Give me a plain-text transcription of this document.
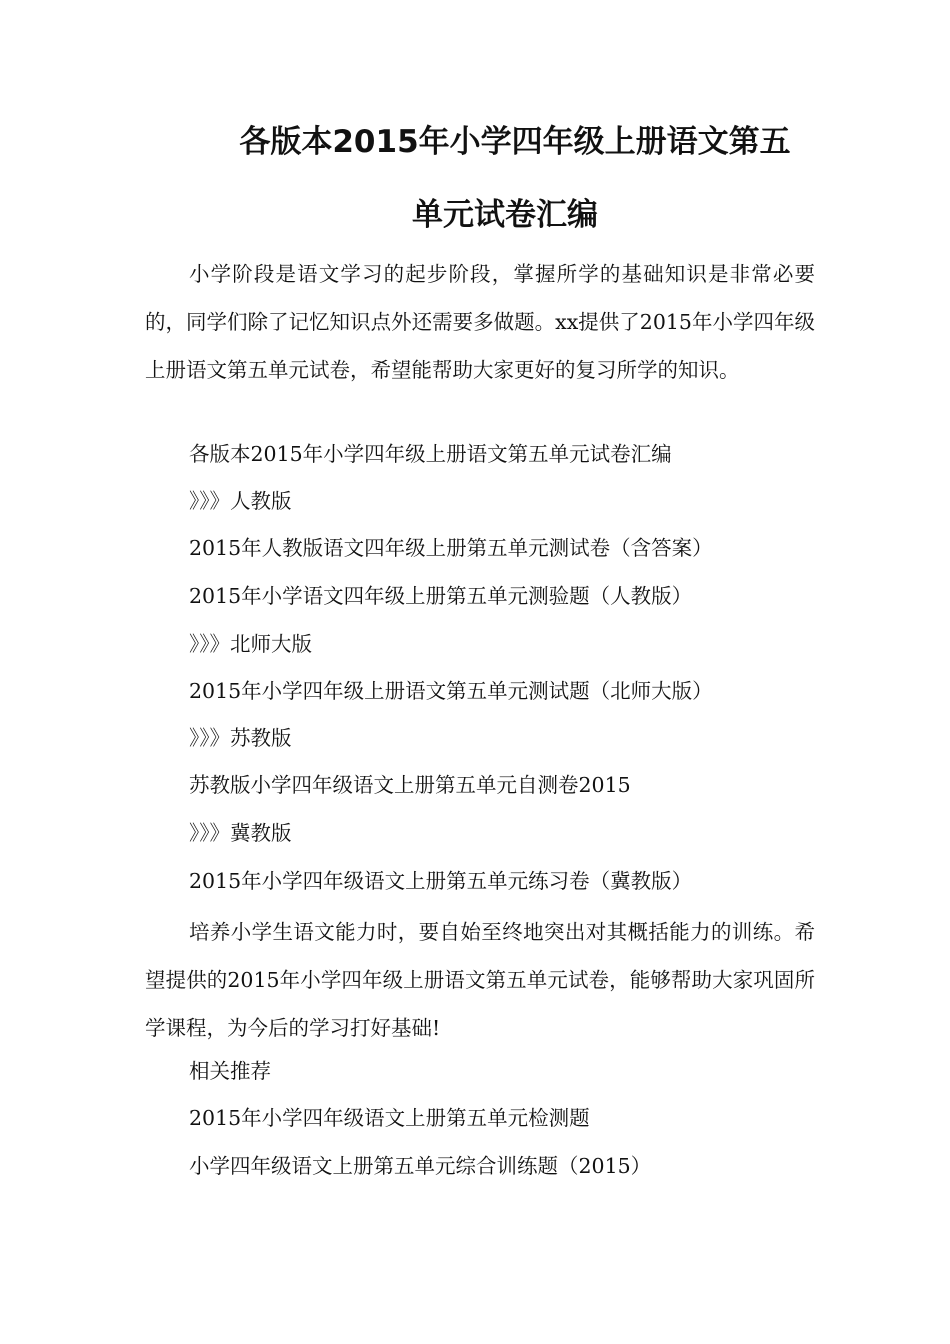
各版本2015年小学四年级上册语文第五
单元试卷汇编

小学阶段是语文学习的起步阶段，掌握所学的基础知识是非常必要的，同学们除了记忆知识点外还需要多做题。xx提供了2015年小学四年级上册语文第五单元试卷，希望能帮助大家更好的复习所学的知识。

各版本2015年小学四年级上册语文第五单元试卷汇编

》》》人教版

2015年人教版语文四年级上册第五单元测试卷（含答案）

2015年小学语文四年级上册第五单元测验题（人教版）

》》》北师大版

2015年小学四年级上册语文第五单元测试题（北师大版）

》》》苏教版

苏教版小学四年级语文上册第五单元自测卷2015

》》》冀教版

2015年小学四年级语文上册第五单元练习卷（冀教版）

培养小学生语文能力时，要自始至终地突出对其概括能力的训练。希望提供的2015年小学四年级上册语文第五单元试卷，能够帮助大家巩固所学课程，为今后的学习打好基础!

相关推荐

2015年小学四年级语文上册第五单元检测题

小学四年级语文上册第五单元综合训练题（2015）
